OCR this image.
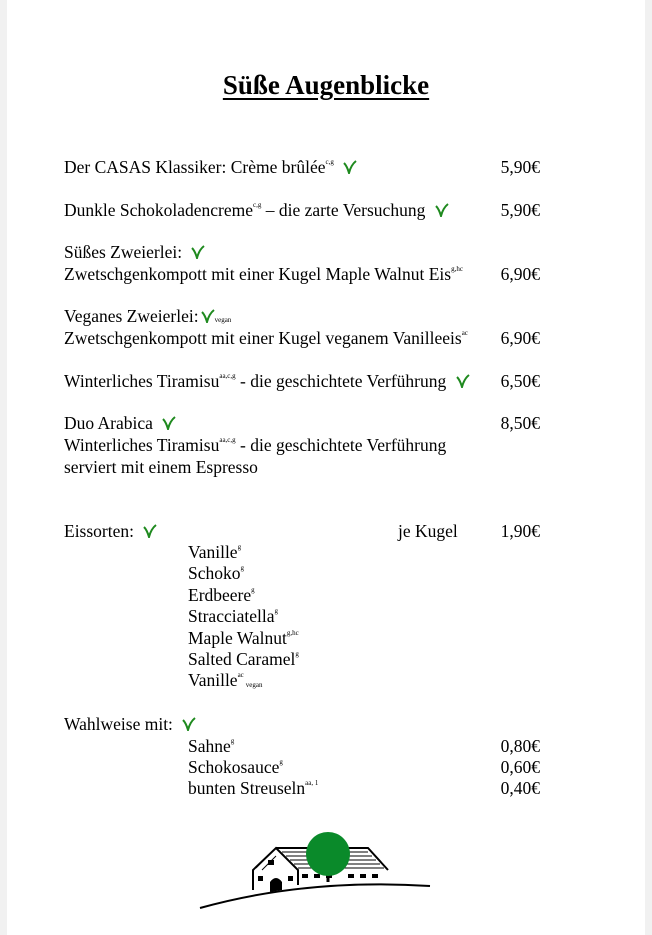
Süße Augenblicke
Der CASAS Klassiker: Crème brûlée$^{c,g}$	5,90€
Dunkle Schokoladencreme$^{c,g}$ – die zarte Versuchung	5,90€
Süßes Zweierlei:
Zwetschgenkompott mit einer Kugel Maple Walnut Eis$^{g,hc}$	6,90€
Veganes Zweierlei: vegan
Zwetschgenkompott mit einer Kugel veganem Vanilleeis$^{ac}$	6,90€
Winterliches Tiramisu$^{aa,c,g}$ - die geschichtete Verführung	6,50€
Duo Arabica	8,50€
Winterliches Tiramisu$^{aa,c,g}$ - die geschichtete Verführung
serviert mit einem Espresso
Eissorten:	je Kugel	1,90€
Vanille$^g$
Schoko$^g$
Erdbeere$^g$
Stracciatella$^g$
Maple Walnut$^{g,hc}$
Salted Caramel$^g$
Vanille$^{ac}$vegan
Wahlweise mit:
Sahne$^g$	0,80€
Schokosauce$^g$	0,60€
bunten Streuseln$^{aa, 1}$	0,40€
